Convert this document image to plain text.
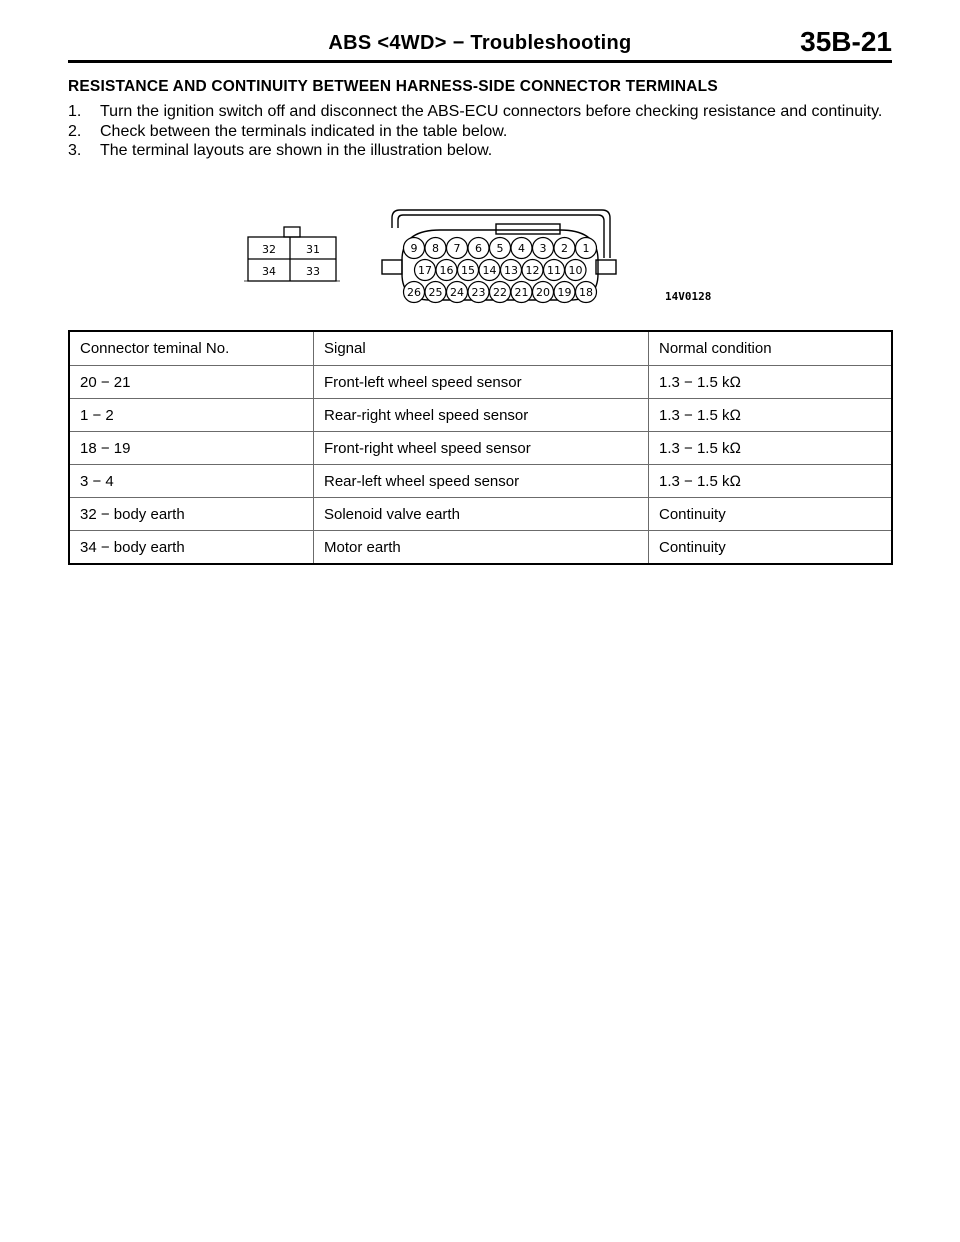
ABS <4WD> − Troubleshooting	35B-21
RESISTANCE AND CONTINUITY BETWEEN HARNESS-SIDE CONNECTOR TERMINALS
1.	Turn the ignition switch off and disconnect the ABS-ECU connectors before checking resistance and continuity.
2.	Check between the terminals indicated in the table below.
3.	The terminal layouts are shown in the illustration below.
32	31
34	33
9 8 7 6 5 4 3 2 1
17 16 15 14 13 12 11 10
26 25 24 23 22 21 20 19 18	14V0128
Connector teminal No.	Signal	Normal condition
20 − 21	Front-left wheel speed sensor	1.3 − 1.5 kΩ
1 − 2	Rear-right wheel speed sensor	1.3 − 1.5 kΩ
18 − 19	Front-right wheel speed sensor	1.3 − 1.5 kΩ
3 − 4	Rear-left wheel speed sensor	1.3 − 1.5 kΩ
32 − body earth	Solenoid valve earth	Continuity
34 − body earth	Motor earth	Continuity
